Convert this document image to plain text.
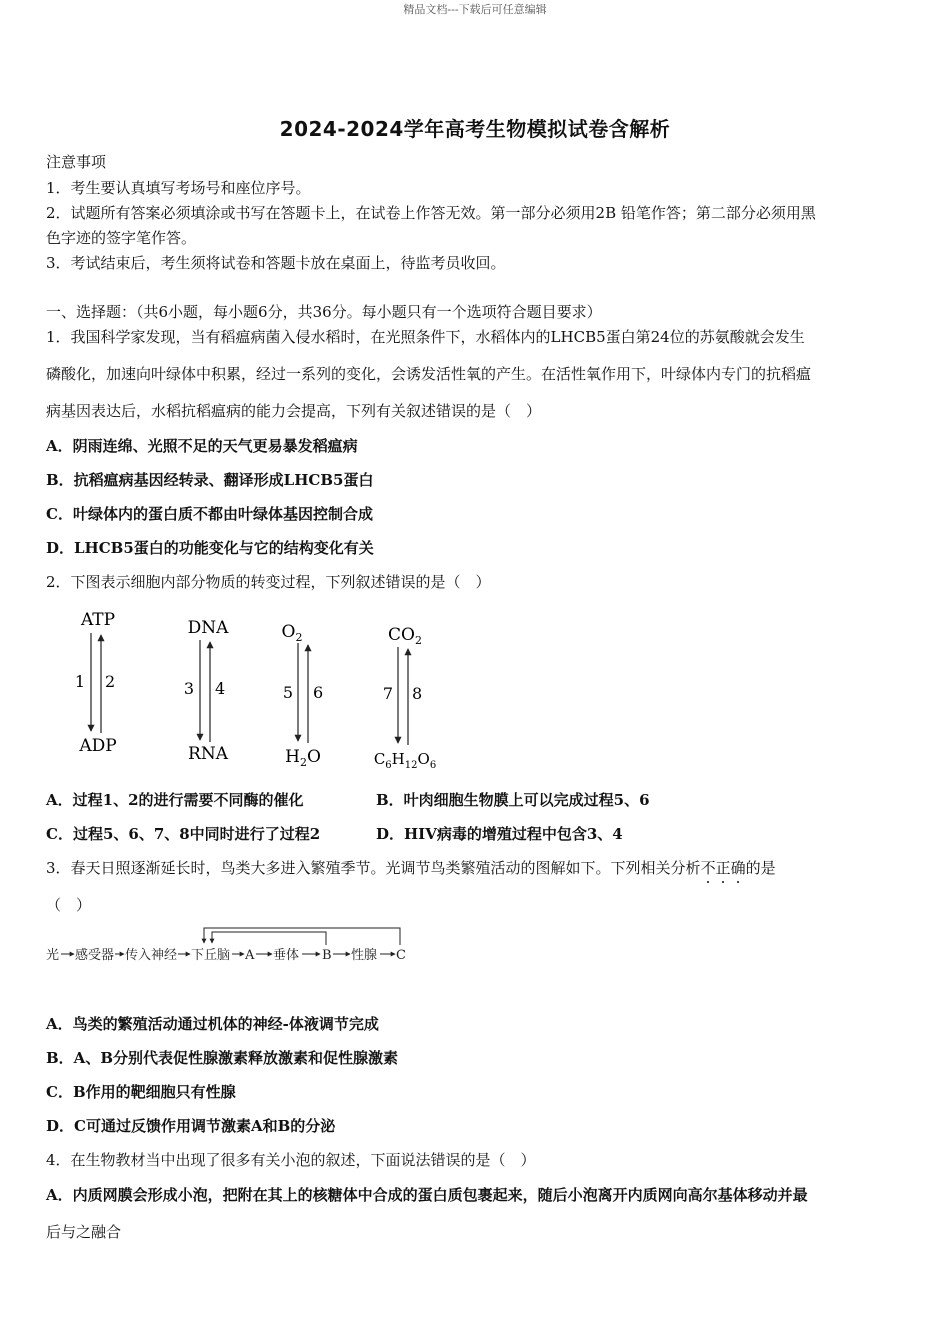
精品文档---下载后可任意编辑
2024-2024学年高考生物模拟试卷含解析
注意事项
1．考生要认真填写考场号和座位序号。
2．试题所有答案必须填涂或书写在答题卡上，在试卷上作答无效。第一部分必须用2B 铅笔作答；第二部分必须用黑
色字迹的签字笔作答。
3．考试结束后，考生须将试卷和答题卡放在桌面上，待监考员收回。
一、选择题：（共6小题，每小题6分，共36分。每小题只有一个选项符合题目要求）
1．我国科学家发现，当有稻瘟病菌入侵水稻时，在光照条件下，水稻体内的LHCB5蛋白第24位的苏氨酸就会发生
磷酸化，加速向叶绿体中积累，经过一系列的变化，会诱发活性氧的产生。在活性氧作用下，叶绿体内专门的抗稻瘟
病基因表达后，水稻抗稻瘟病的能力会提高，下列有关叙述错误的是（　）
A．阴雨连绵、光照不足的天气更易暴发稻瘟病
B．抗稻瘟病基因经转录、翻译形成LHCB5蛋白
C．叶绿体内的蛋白质不都由叶绿体基因控制合成
D．LHCB5蛋白的功能变化与它的结构变化有关
2．下图表示细胞内部分物质的转变过程，下列叙述错误的是（　）
ATP
1 2
ADP
DNA
3 4
RNA
$O_2$
5 6
$H_2O$
$CO_2$
7 8
$C_6H_{12}O_6$
A．过程1、2的进行需要不同酶的催化	B．叶肉细胞生物膜上可以完成过程5、6
C．过程5、6、7、8中同时进行了过程2	D．HIV病毒的增殖过程中包含3、4
3．春天日照逐渐延长时，鸟类大多进入繁殖季节。光调节鸟类繁殖活动的图解如下。下列相关分析不正确
的是
（　）
光 感受器 传入神经 下丘脑 A 垂体 B 性腺 C
A．鸟类的繁殖活动通过机体的神经-体液调节完成
B．A、B分别代表促性腺激素释放激素和促性腺激素
C．B作用的靶细胞只有性腺
D．C可通过反馈作用调节激素A和B的分泌
4．在生物教材当中出现了很多有关小泡的叙述，下面说法错误的是（　）
A．内质网膜会形成小泡，把附在其上的核糖体中合成的蛋白质包裹起来，随后小泡离开内质网向高尔基体移动并最
后与之融合
